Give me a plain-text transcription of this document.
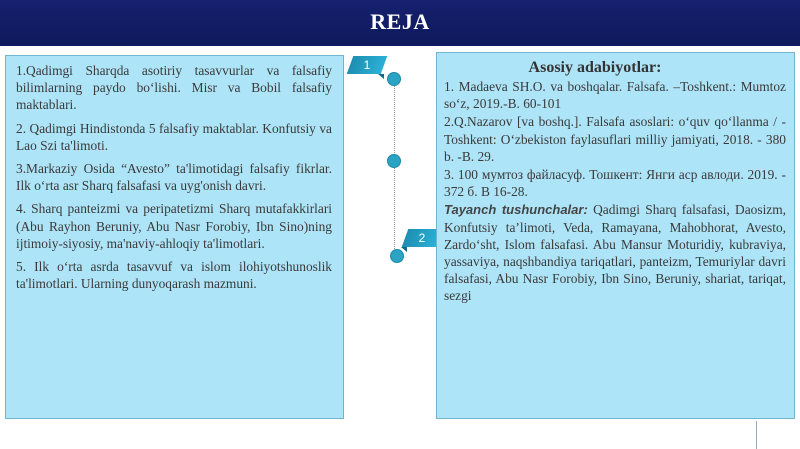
REJA

1.Qadimgi Sharqda asotiriy tasavvurlar va falsafiy bilimlarning paydo bo‘lishi. Misr va Bobil falsafiy maktablari.

2. Qadimgi Hindistonda 5 falsafiy maktablar. Konfutsiy va Lao Szi ta'limoti.

3.Markaziy Osida “Avesto” ta'limotidagi falsafiy fikrlar. Ilk o‘rta asr Sharq falsafasi va uyg'onish davri.

4. Sharq panteizmi va peripatetizmi Sharq mutafakkirlari (Abu Rayhon Beruniy, Abu Nasr Forobiy, Ibn Sino)ning ijtimoiy-siyosiy, ma'naviy-ahloqiy ta'limotlari.

5. Ilk o‘rta asrda tasavvuf va islom ilohiyotshunoslik ta'limotlari. Ularning dunyoqarash mazmuni.

1
2
Asosiy adabiyotlar:

1. Madaeva SH.O. va boshqalar. Falsafa. –Toshkent.: Mumtoz so‘z, 2019.-B. 60-101

2.Q.Nazarov [va boshq.]. Falsafa asoslari: o‘quv qo‘llanma / - Toshkent: O‘zbekiston faylasuflari milliy jamiyati, 2018. - 380 b. -B. 29.

3. 100 мумтоз файласуф. Тошкент: Янги аср авлоди. 2019. - 372 б. В 16-28.

Tayanch tushunchalar: Qadimgi Sharq falsafasi, Daosizm, Konfutsiy ta’limoti, Veda, Ramayana, Mahobhorat, Avesto, Zardo‘sht, Islom falsafasi. Abu Mansur Moturidiy, kubraviya, yassaviya, naqshbandiya tariqatlari, panteizm, Temuriylar davri falsafasi, Abu Nasr Forobiy, Ibn Sino, Beruniy, shariat, tariqat, sezgi
